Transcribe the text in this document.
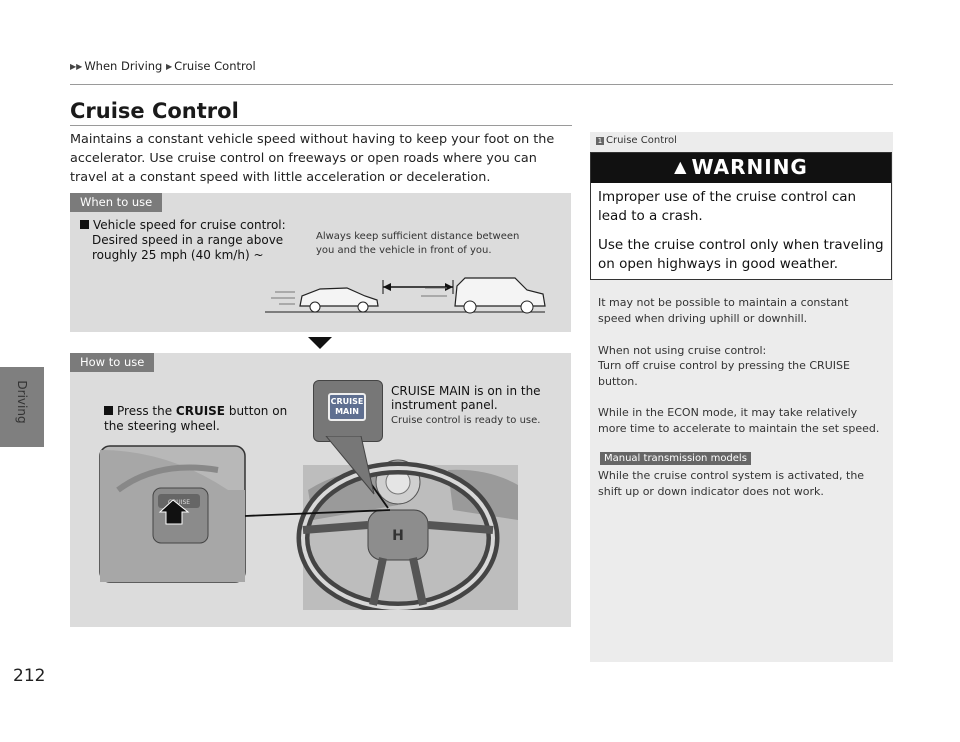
▶▶ When Driving ▶ Cruise Control
Driving
212
Cruise Control
Maintains a constant vehicle speed without having to keep your foot on the accelerator. Use cruise control on freeways or open roads where you can travel at a constant speed with little acceleration or deceleration.
When to use
Vehicle speed for cruise control:
Desired speed in a range above roughly 25 mph (40 km/h) ~
Always keep sufficient distance between you and the vehicle in front of you.
How to use
Press the CRUISE button on the steering wheel.
CRUISE MAIN is on in the instrument panel.
Cruise control is ready to use.
H
CRUISE
CRUISE
MAIN
1 Cruise Control
▲ WARNING
Improper use of the cruise control can lead to a crash.
Use the cruise control only when traveling on open highways in good weather.
It may not be possible to maintain a constant speed when driving uphill or downhill.
When not using cruise control:
Turn off cruise control by pressing the CRUISE button.
While in the ECON mode, it may take relatively more time to accelerate to maintain the set speed.
Manual transmission models
While the cruise control system is activated, the shift up or down indicator does not work.
